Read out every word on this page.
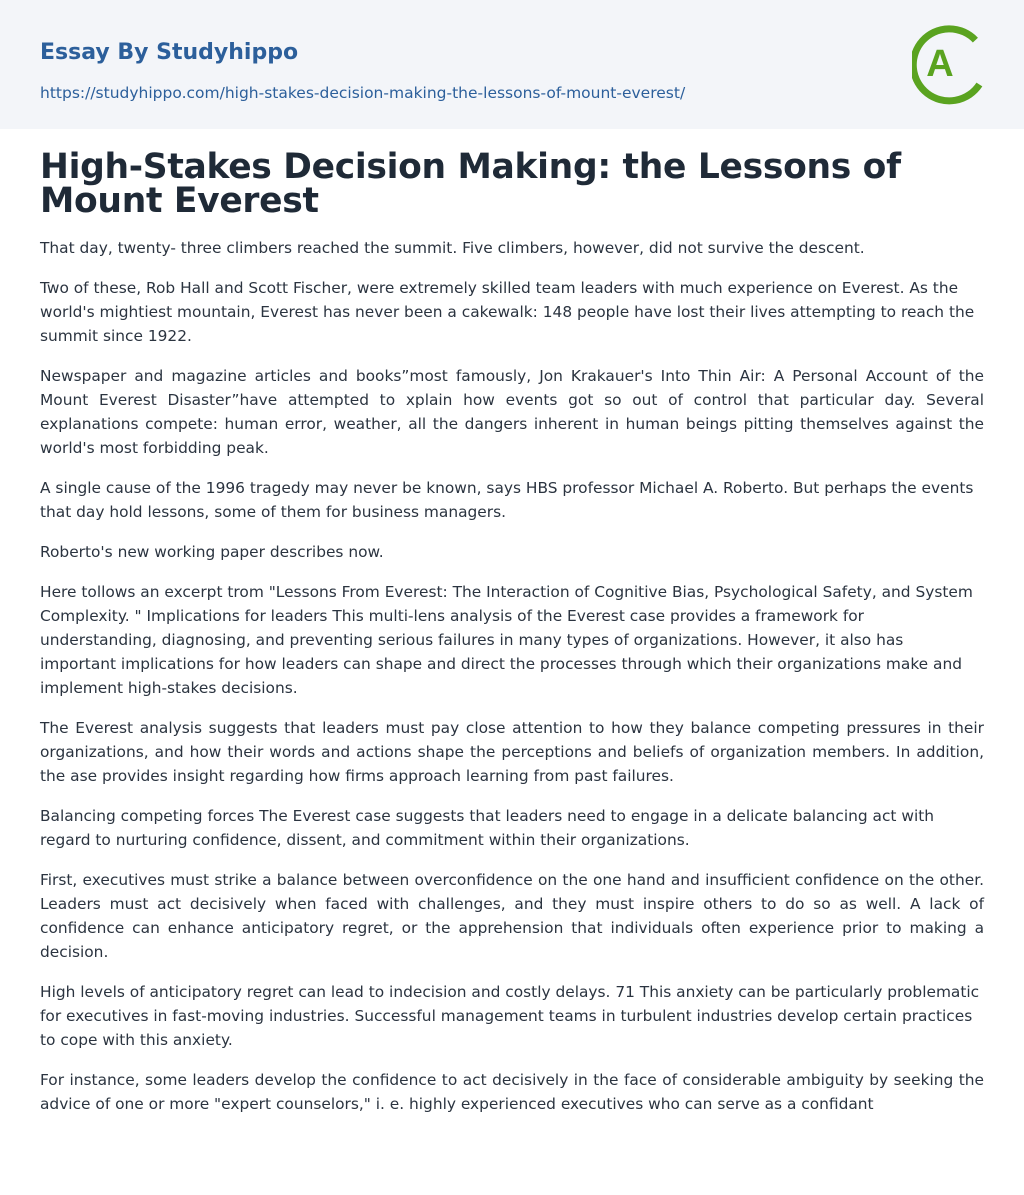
Essay By Studyhippo
https://studyhippo.com/high-stakes-decision-making-the-lessons-of-mount-everest/
A
High-Stakes Decision Making: the Lessons of Mount Everest

That day, twenty- three climbers reached the summit. Five climbers, however, did not survive the descent.

Two of these, Rob Hall and Scott Fischer, were extremely skilled team leaders with much experience on Everest. As the world's mightiest mountain, Everest has never been a cakewalk: 148 people have lost their lives attempting to reach the summit since 1922.

Newspaper and magazine articles and books”most famously, Jon Krakauer's Into Thin Air: A Personal Account of the Mount Everest Disaster”have attempted to xplain how events got so out of control that particular day. Several explanations compete: human error, weather, all the dangers inherent in human beings pitting themselves against the world's most forbidding peak.

A single cause of the 1996 tragedy may never be known, says HBS professor Michael A. Roberto. But perhaps the events that day hold lessons, some of them for business managers.

Roberto's new working paper describes now.

Here tollows an excerpt trom "Lessons From Everest: The Interaction of Cognitive Bias, Psychological Safety, and System Complexity. " Implications for leaders This multi-lens analysis of the Everest case provides a framework for understanding, diagnosing, and preventing serious failures in many types of organizations. However, it also has important implications for how leaders can shape and direct the processes through which their organizations make and implement high-stakes decisions.

The Everest analysis suggests that leaders must pay close attention to how they balance competing pressures in their organizations, and how their words and actions shape the perceptions and beliefs of organization members. In addition, the ase provides insight regarding how firms approach learning from past failures.

Balancing competing forces The Everest case suggests that leaders need to engage in a delicate balancing act with regard to nurturing confidence, dissent, and commitment within their organizations.

First, executives must strike a balance between overconfidence on the one hand and insufficient confidence on the other. Leaders must act decisively when faced with challenges, and they must inspire others to do so as well. A lack of confidence can enhance anticipatory regret, or the apprehension that individuals often experience prior to making a decision.

High levels of anticipatory regret can lead to indecision and costly delays. 71 This anxiety can be particularly problematic for executives in fast-moving industries. Successful management teams in turbulent industries develop certain practices to cope with this anxiety.

For instance, some leaders develop the confidence to act decisively in the face of considerable ambiguity by seeking the advice of one or more "expert counselors," i. e. highly experienced executives who can serve as a confidant
